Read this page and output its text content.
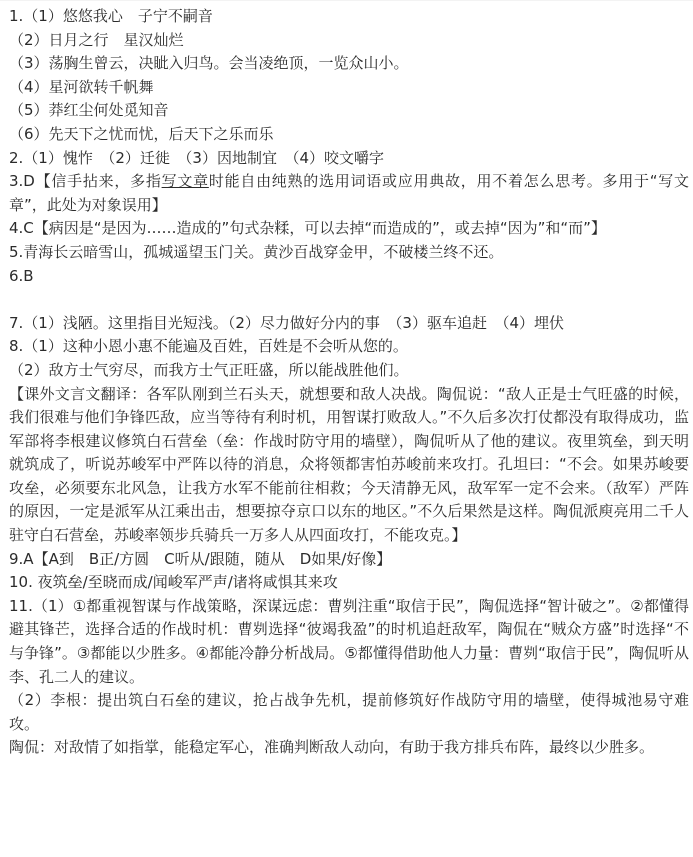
1.（1）悠悠我心　子宁不嗣音
（2）日月之行　星汉灿烂
（3）荡胸生曾云，决眦入归鸟。会当凌绝顶，一览众山小。
（4）星河欲转千帆舞
（5）莽红尘何处觅知音
（6）先天下之忧而忧，后天下之乐而乐
2.（1）愧怍　（2）迁徙　（3）因地制宜　（4）咬文嚼字
3.D【信手拈来，多指写文章时能自由纯熟的选用词语或应用典故，用不着怎么思考。多用于“写文章”，此处为对象误用】
4.C【病因是“是因为……造成的”句式杂糅，可以去掉“而造成的”，或去掉“因为”和“而”】
5.青海长云暗雪山，孤城遥望玉门关。黄沙百战穿金甲，不破楼兰终不还。
6.B
7.（1）浅陋。这里指目光短浅。（2）尽力做好分内的事　（3）驱车追赶　（4）埋伏
8.（1）这种小恩小惠不能遍及百姓，百姓是不会听从您的。
（2）敌方士气穷尽，而我方士气正旺盛，所以能战胜他们。
【课外文言文翻译：各军队刚到兰石头天，就想要和敌人决战。陶侃说：“敌人正是士气旺盛的时候，我们很难与他们争锋匹敌，应当等待有利时机，用智谋打败敌人。”不久后多次打仗都没有取得成功，监军部将李根建议修筑白石营垒（垒：作战时防守用的墙壁），陶侃听从了他的建议。夜里筑垒，到天明就筑成了，听说苏峻军中严阵以待的消息，众将领都害怕苏峻前来攻打。孔坦曰：“不会。如果苏峻要攻垒，必须要东北风急，让我方水军不能前往相救；今天清静无风，敌军军一定不会来。（敌军）严阵的原因，一定是派军从江乘出击，想要掠夺京口以东的地区。”不久后果然是这样。陶侃派庾亮用二千人驻守白石营垒，苏峻率领步兵骑兵一万多人从四面攻打，不能攻克。】
9.A【A到　B正/方圆　C听从/跟随，随从　D如果/好像】
10. 夜筑垒/至晓而成/闻峻军严声/诸将咸惧其来攻
11.（1）①都重视智谋与作战策略，深谋远虑：曹刿注重“取信于民”，陶侃选择“智计破之”。②都懂得避其锋芒，选择合适的作战时机：曹刿选择“彼竭我盈”的时机追赶敌军，陶侃在“贼众方盛”时选择“不与争锋”。③都能以少胜多。④都能冷静分析战局。⑤都懂得借助他人力量：曹刿“取信于民”，陶侃听从李、孔二人的建议。
（2）李根：提出筑白石垒的建议，抢占战争先机，提前修筑好作战防守用的墙壁，使得城池易守难攻。
陶侃：对敌情了如指掌，能稳定军心，准确判断敌人动向，有助于我方排兵布阵，最终以少胜多。
